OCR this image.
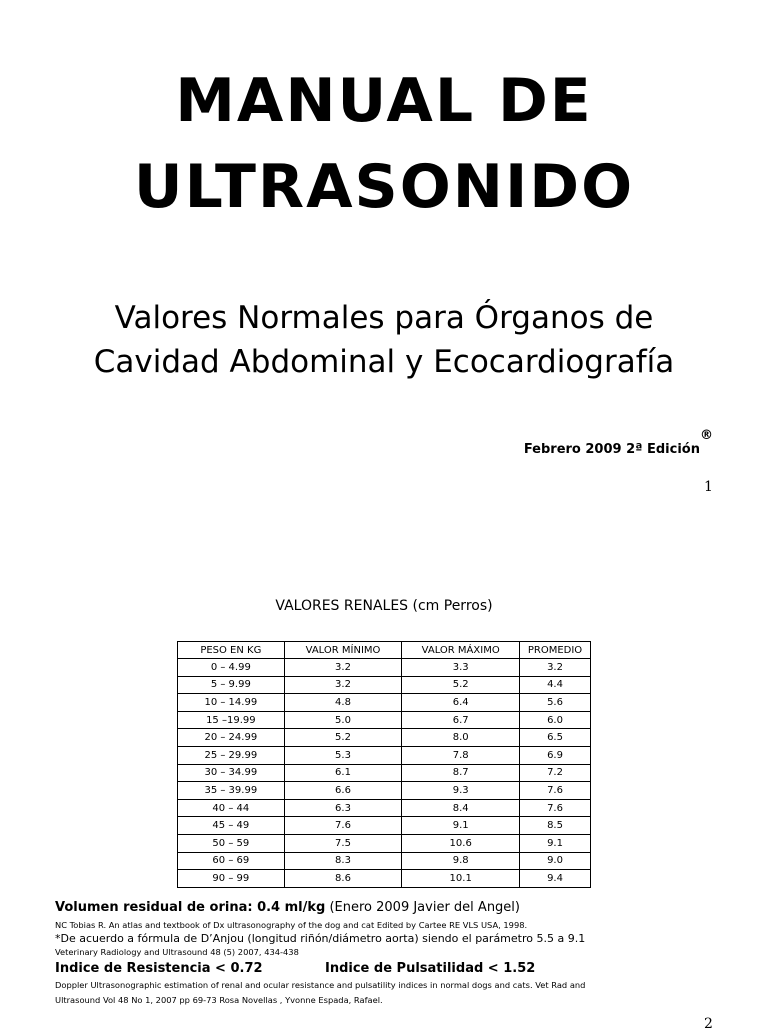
MANUAL DE
ULTRASONIDO
Valores Normales para Órganos de
Cavidad Abdominal y Ecocardiografía
®
Febrero 2009 2ª Edición
1
VALORES RENALES (cm Perros)
PESO EN KG	VALOR MÍNIMO	VALOR MÁXIMO	PROMEDIO
0 – 4.99	3.2	3.3	3.2
5 – 9.99	3.2	5.2	4.4
10 – 14.99	4.8	6.4	5.6
15 –19.99	5.0	6.7	6.0
20 – 24.99	5.2	8.0	6.5
25 – 29.99	5.3	7.8	6.9
30 – 34.99	6.1	8.7	7.2
35 – 39.99	6.6	9.3	7.6
40 – 44	6.3	8.4	7.6
45 – 49	7.6	9.1	8.5
50 – 59	7.5	10.6	9.1
60 – 69	8.3	9.8	9.0
90 – 99	8.6	10.1	9.4
Volumen residual de orina: 0.4 ml/kg (Enero 2009 Javier del Angel)
NC Tobias R. An atlas and textbook of Dx ultrasonography of the dog and cat Edited by Cartee RE VLS USA, 1998.
*De acuerdo a fórmula de D’Anjou (longitud riñón/diámetro aorta) siendo el parámetro 5.5 a 9.1
Veterinary Radiology and Ultrasound 48 (5) 2007, 434-438
Indice de Resistencia < 0.72	Indice de Pulsatilidad < 1.52
Doppler Ultrasonographic estimation of renal and ocular resistance and pulsatility indices in normal dogs and cats. Vet Rad and
Ultrasound Vol 48 No 1, 2007 pp 69-73 Rosa Novellas , Yvonne Espada, Rafael.
2
